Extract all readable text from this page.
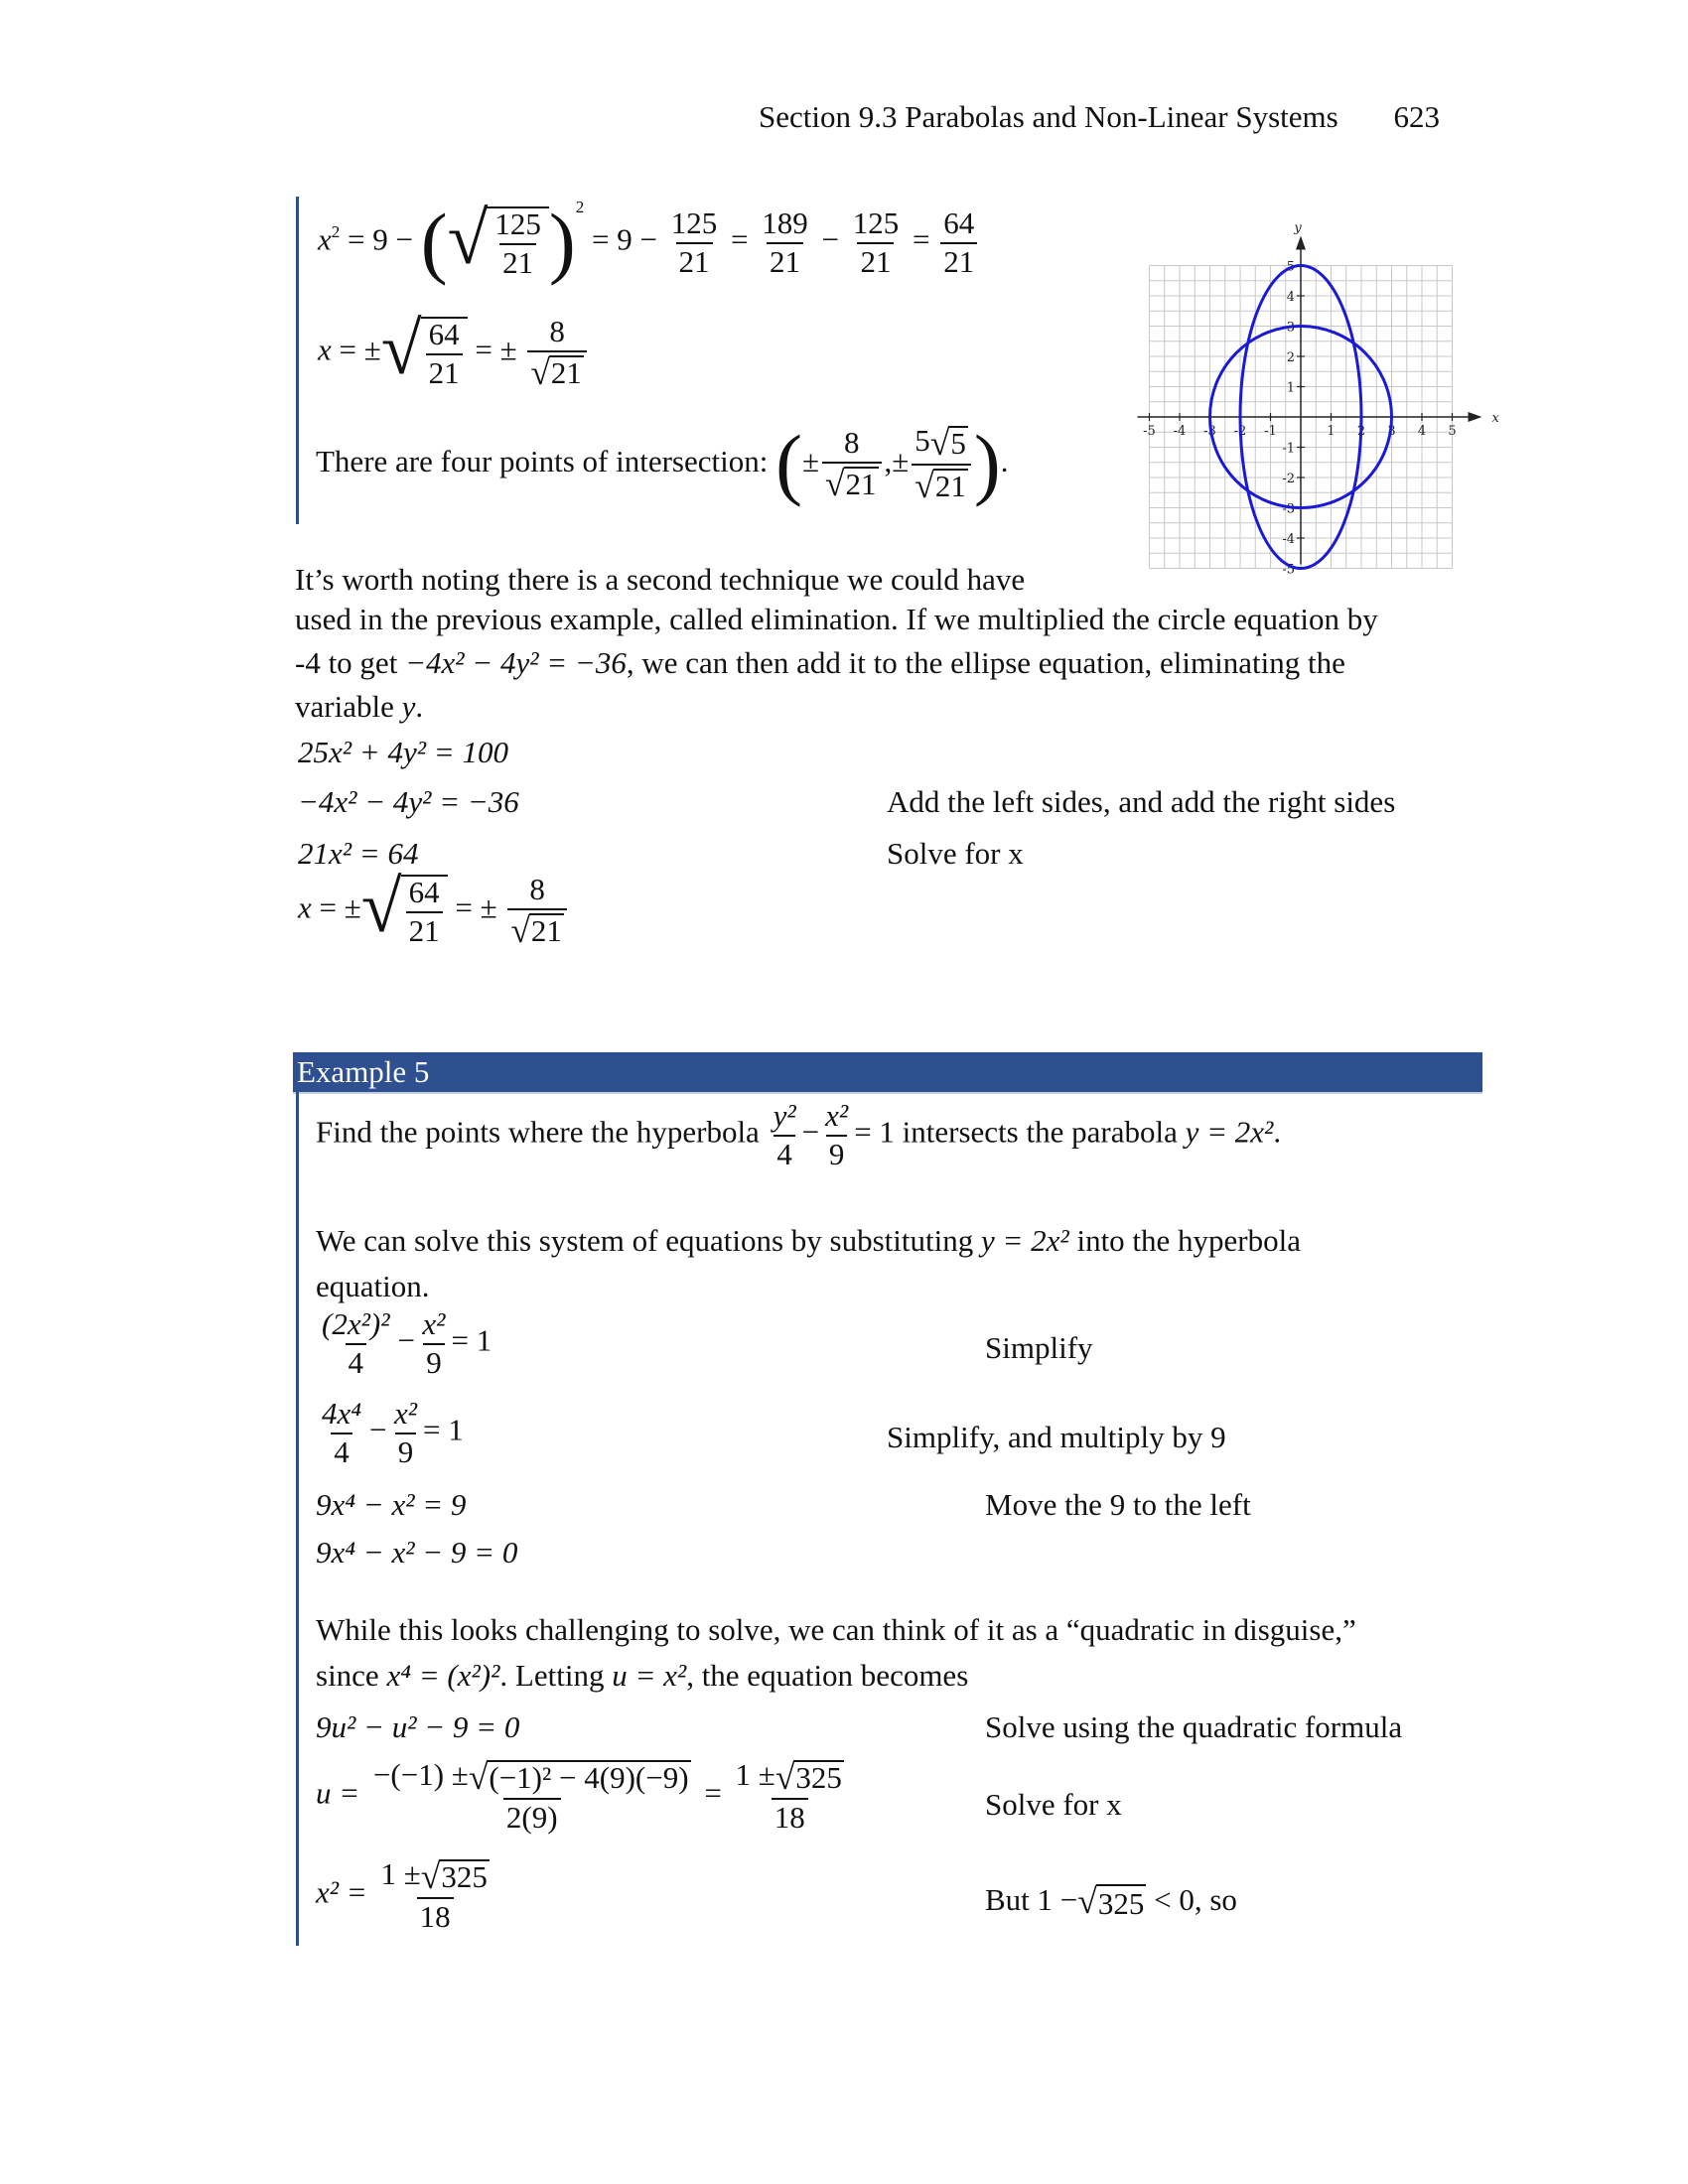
Section 9.3 Parabolas and Non-Linear Systems 623
$x^2 = 9$ − ( √ $\frac{125}{21} )^2 = 9 - \frac{125}{21} = \frac{189}{21} - \frac{125}{21} = \frac{64}{21}$
x = ± √ $\frac{64}{21}$ = ± $\frac{8}{√ 21}$
There are four points of intersection: (± $\frac{8}{√ 21}$ ,± $\frac{5 √ 5}{√ 21}$ ).
-5 -4 -3 -2 -1	1 2 3 4 5
5
4
3
2
1
-1
-2
-3
-4
-5
x
y
It’s worth noting there is a second technique we could have
used in the previous example, called elimination. If we multiplied the circle equation by
-4 to get −4x² − 4y² = −36, we can then add it to the ellipse equation, eliminating the
variable y.
25x² + 4y² = 100
−4x² − 4y² = −36	Add the left sides, and add the right sides
21x² = 64	Solve for x
x = ± √ $\frac{64}{21}$ = ± $\frac{8}{√ 21}$
Example 5
Find the points where the hyperbola $\frac{\text{y²}}{4} - \frac{\text{x²}}{9} = 1$ intersects the parabola y = 2x².
We can solve this system of equations by substituting y = 2x² into the hyperbola
equation.
$\frac{\text{(2x²)²}}{4} - \frac{\text{x²}}{9} = 1$	Simplify
$\frac{\text{4x⁴}}{4} - \frac{\text{x²}}{9} = 1$	Simplify, and multiply by 9
9x⁴ − x² = 9	Move the 9 to the left
9x⁴ − x² − 9 = 0
While this looks challenging to solve, we can think of it as a “quadratic in disguise,”
since x⁴ = (x²)². Letting u = x², the equation becomes
9u² − u² − 9 = 0	Solve using the quadratic formula
$u = \frac{\text{−(−1) ± √ (−1)² − 4(9)(−9)}}{2(9)} = \frac{1 \pm √ 325}{18}$	Solve for x
$x^2 = \frac{1 \pm √ 325}{18}$	But 1 − √ 325 < 0, so
